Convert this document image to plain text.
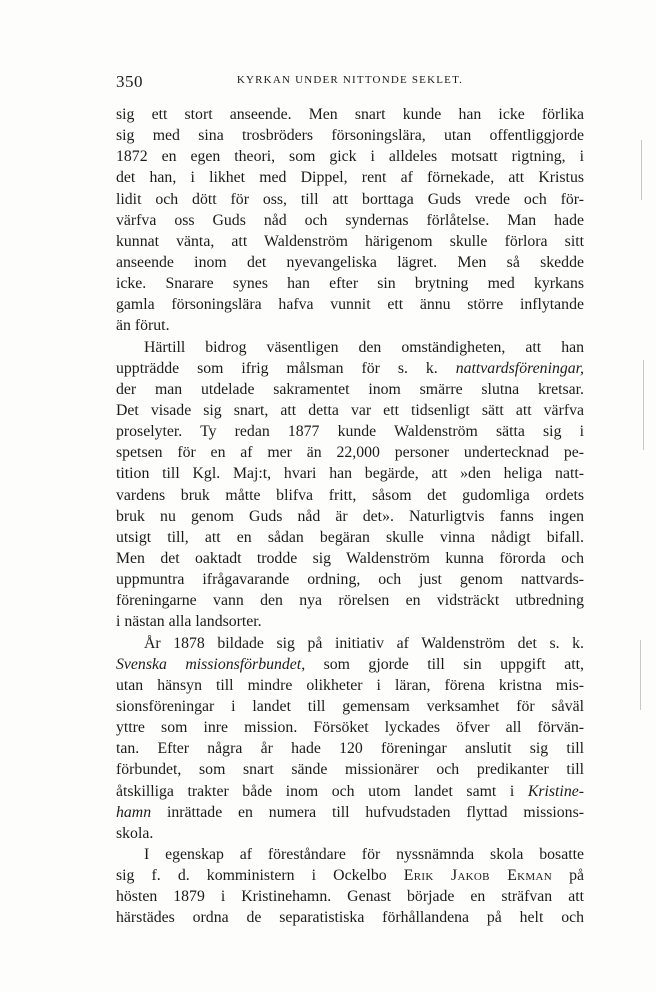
350	KYRKAN UNDER NITTONDE SEKLET.
sig ett stort anseende. Men snart kunde han icke förlika
sig med sina trosbröders försoningslära, utan offentliggjorde
1872 en egen theori, som gick i alldeles motsatt rigtning, i
det han, i likhet med Dippel, rent af förnekade, att Kristus
lidit och dött för oss, till att borttaga Guds vrede och för-
värfva oss Guds nåd och syndernas förlåtelse. Man hade
kunnat vänta, att Waldenström härigenom skulle förlora sitt
anseende inom det nyevangeliska lägret. Men så skedde
icke. Snarare synes han efter sin brytning med kyrkans
gamla försoningslära hafva vunnit ett ännu större inflytande
än förut.
Härtill bidrog väsentligen den omständigheten, att han
uppträdde som ifrig målsman för s. k. nattvardsföreningar,
der man utdelade sakramentet inom smärre slutna kretsar.
Det visade sig snart, att detta var ett tidsenligt sätt att värfva
proselyter. Ty redan 1877 kunde Waldenström sätta sig i
spetsen för en af mer än 22,000 personer undertecknad pe-
tition till Kgl. Maj:t, hvari han begärde, att »den heliga natt-
vardens bruk måtte blifva fritt, såsom det gudomliga ordets
bruk nu genom Guds nåd är det». Naturligtvis fanns ingen
utsigt till, att en sådan begäran skulle vinna nådigt bifall.
Men det oaktadt trodde sig Waldenström kunna förorda och
uppmuntra ifrågavarande ordning, och just genom nattvards-
föreningarne vann den nya rörelsen en vidsträckt utbredning
i nästan alla landsorter.
År 1878 bildade sig på initiativ af Waldenström det s. k.
Svenska missionsförbundet, som gjorde till sin uppgift att,
utan hänsyn till mindre olikheter i läran, förena kristna mis-
sionsföreningar i landet till gemensam verksamhet för såväl
yttre som inre mission. Försöket lyckades öfver all förvän-
tan. Efter några år hade 120 föreningar anslutit sig till
förbundet, som snart sände missionärer och predikanter till
åtskilliga trakter både inom och utom landet samt i Kristine-
hamn inrättade en numera till hufvudstaden flyttad missions-
skola.
I egenskap af föreståndare för nyssnämnda skola bosatte
sig f. d. komministern i Ockelbo Erik Jakob Ekman på
hösten 1879 i Kristinehamn. Genast började en sträfvan att
härstädes ordna de separatistiska förhållandena på helt och
